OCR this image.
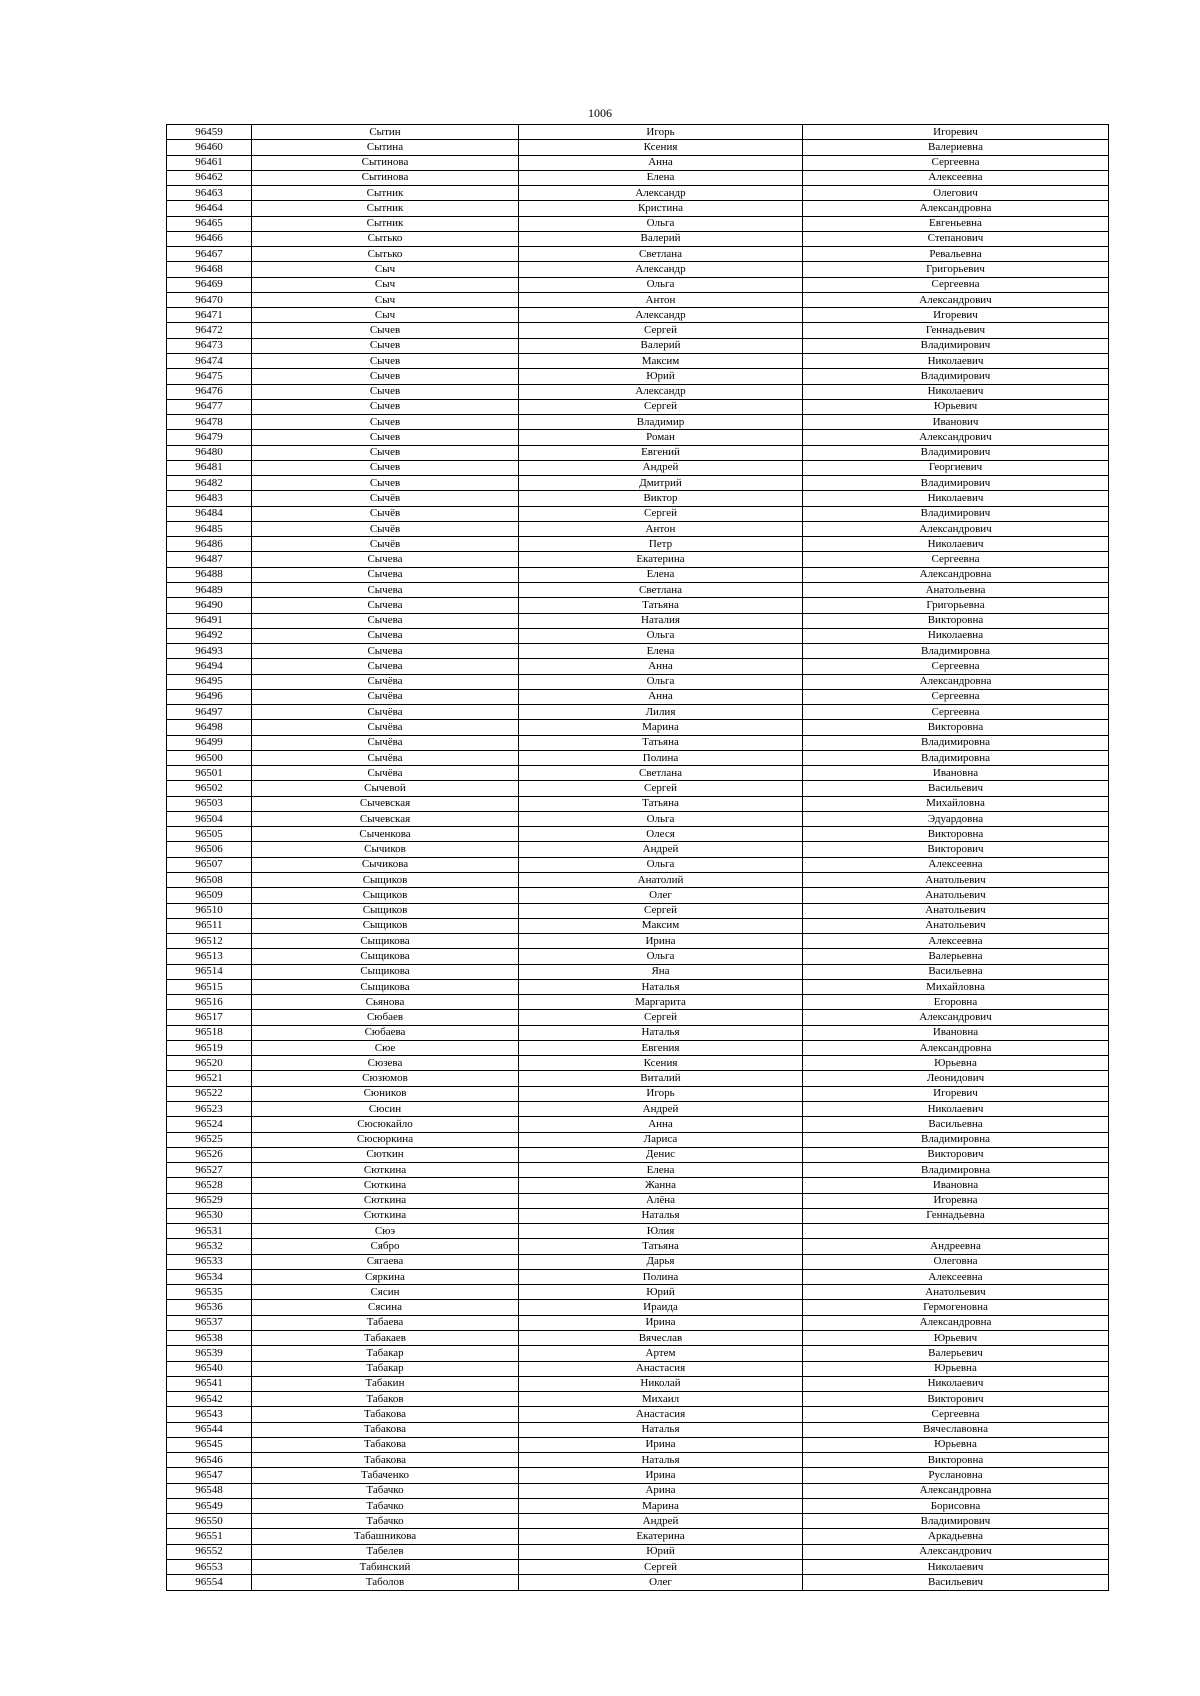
1006
96459	Сытин	Игорь	Игоревич
96460	Сытина	Ксения	Валериевна
96461	Сытинова	Анна	Сергеевна
96462	Сытинова	Елена	Алексеевна
96463	Сытник	Александр	Олегович
96464	Сытник	Кристина	Александровна
96465	Сытник	Ольга	Евгеньевна
96466	Сытько	Валерий	Степанович
96467	Сытько	Светлана	Ревальевна
96468	Сыч	Александр	Григорьевич
96469	Сыч	Ольга	Сергеевна
96470	Сыч	Антон	Александрович
96471	Сыч	Александр	Игоревич
96472	Сычев	Сергей	Геннадьевич
96473	Сычев	Валерий	Владимирович
96474	Сычев	Максим	Николаевич
96475	Сычев	Юрий	Владимирович
96476	Сычев	Александр	Николаевич
96477	Сычев	Сергей	Юрьевич
96478	Сычев	Владимир	Иванович
96479	Сычев	Роман	Александрович
96480	Сычев	Евгений	Владимирович
96481	Сычев	Андрей	Георгиевич
96482	Сычев	Дмитрий	Владимирович
96483	Сычёв	Виктор	Николаевич
96484	Сычёв	Сергей	Владимирович
96485	Сычёв	Антон	Александрович
96486	Сычёв	Петр	Николаевич
96487	Сычева	Екатерина	Сергеевна
96488	Сычева	Елена	Александровна
96489	Сычева	Светлана	Анатольевна
96490	Сычева	Татьяна	Григорьевна
96491	Сычева	Наталия	Викторовна
96492	Сычева	Ольга	Николаевна
96493	Сычева	Елена	Владимировна
96494	Сычева	Анна	Сергеевна
96495	Сычёва	Ольга	Александровна
96496	Сычёва	Анна	Сергеевна
96497	Сычёва	Лилия	Сергеевна
96498	Сычёва	Марина	Викторовна
96499	Сычёва	Татьяна	Владимировна
96500	Сычёва	Полина	Владимировна
96501	Сычёва	Светлана	Ивановна
96502	Сычевой	Сергей	Васильевич
96503	Сычевская	Татьяна	Михайловна
96504	Сычевская	Ольга	Эдуардовна
96505	Сыченкова	Олеся	Викторовна
96506	Сычиков	Андрей	Викторович
96507	Сычикова	Ольга	Алексеевна
96508	Сыщиков	Анатолий	Анатольевич
96509	Сыщиков	Олег	Анатольевич
96510	Сыщиков	Сергей	Анатольевич
96511	Сыщиков	Максим	Анатольевич
96512	Сыщикова	Ирина	Алексеевна
96513	Сыщикова	Ольга	Валерьевна
96514	Сыщикова	Яна	Васильевна
96515	Сыщикова	Наталья	Михайловна
96516	Сьянова	Маргарита	Егоровна
96517	Сюбаев	Сергей	Александрович
96518	Сюбаева	Наталья	Ивановна
96519	Сюе	Евгения	Александровна
96520	Сюзева	Ксения	Юрьевна
96521	Сюзюмов	Виталий	Леонидович
96522	Сюников	Игорь	Игоревич
96523	Сюсин	Андрей	Николаевич
96524	Сюсюкайло	Анна	Васильевна
96525	Сюсюркина	Лариса	Владимировна
96526	Сюткин	Денис	Викторович
96527	Сюткина	Елена	Владимировна
96528	Сюткина	Жанна	Ивановна
96529	Сюткина	Алёна	Игоревна
96530	Сюткина	Наталья	Геннадьевна
96531	Сюэ	Юлия	
96532	Сябро	Татьяна	Андреевна
96533	Сягаева	Дарья	Олеговна
96534	Сяркина	Полина	Алексеевна
96535	Сясин	Юрий	Анатольевич
96536	Сясина	Ираида	Гермогеновна
96537	Табаева	Ирина	Александровна
96538	Табакаев	Вячеслав	Юрьевич
96539	Табакар	Артем	Валерьевич
96540	Табакар	Анастасия	Юрьевна
96541	Табакин	Николай	Николаевич
96542	Табаков	Михаил	Викторович
96543	Табакова	Анастасия	Сергеевна
96544	Табакова	Наталья	Вячеславовна
96545	Табакова	Ирина	Юрьевна
96546	Табакова	Наталья	Викторовна
96547	Табаченко	Ирина	Руслановна
96548	Табачко	Арина	Александровна
96549	Табачко	Марина	Борисовна
96550	Табачко	Андрей	Владимирович
96551	Табашникова	Екатерина	Аркадьевна
96552	Табелев	Юрий	Александрович
96553	Табинский	Сергей	Николаевич
96554	Таболов	Олег	Васильевич
